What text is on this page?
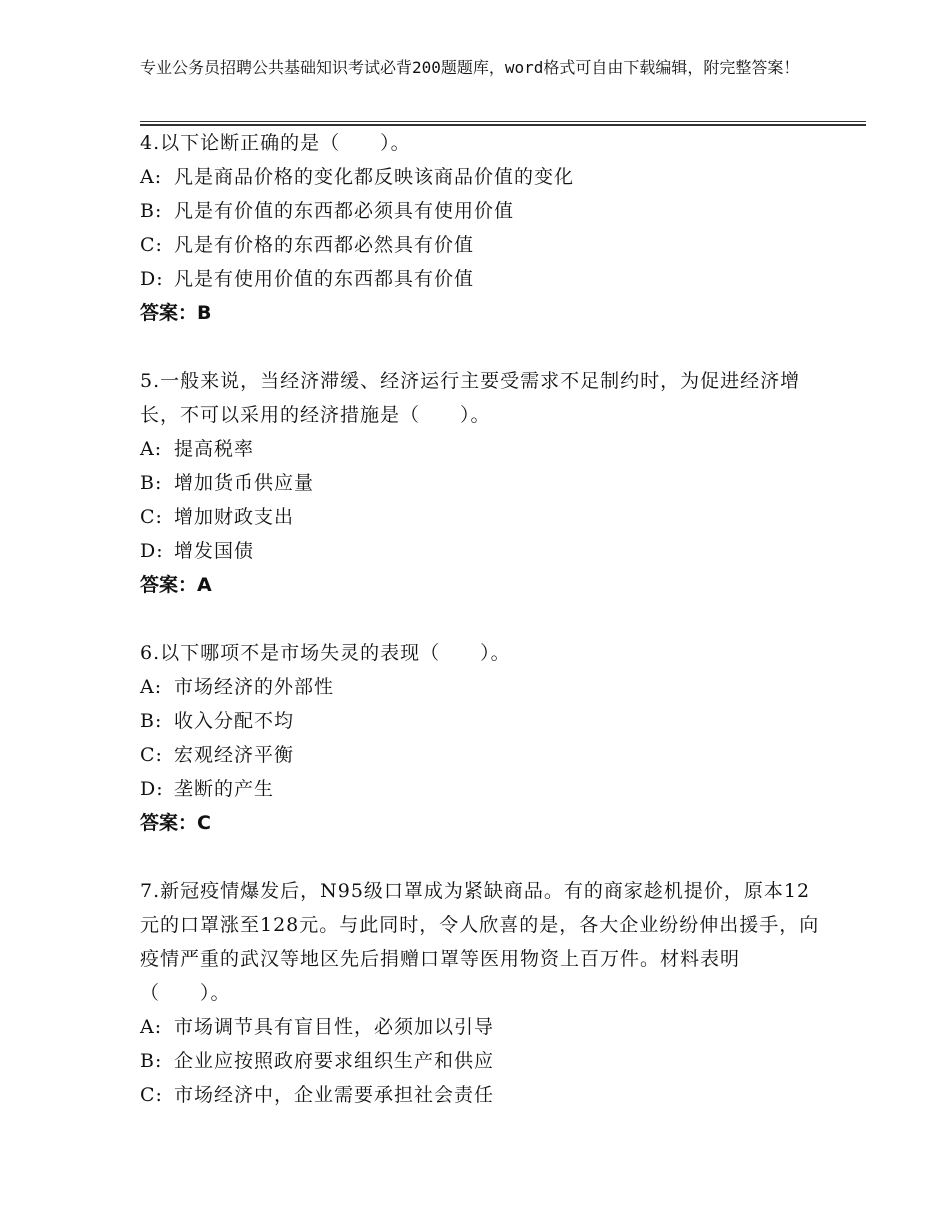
专业公务员招聘公共基础知识考试必背200题题库，word格式可自由下载编辑，附完整答案！

4.以下论断正确的是（　　）。

A: 凡是商品价格的变化都反映该商品价值的变化

B: 凡是有价值的东西都必须具有使用价值

C: 凡是有价格的东西都必然具有价值

D: 凡是有使用价值的东西都具有价值

答案：B

5.一般来说，当经济滞缓、经济运行主要受需求不足制约时，为促进经济增长，不可以采用的经济措施是（　　）。

A: 提高税率

B: 增加货币供应量

C: 增加财政支出

D: 增发国债

答案：A

6.以下哪项不是市场失灵的表现（　　）。

A: 市场经济的外部性

B: 收入分配不均

C: 宏观经济平衡

D: 垄断的产生

答案：C

7.新冠疫情爆发后，N95级口罩成为紧缺商品。有的商家趁机提价，原本12元的口罩涨至128元。与此同时，令人欣喜的是，各大企业纷纷伸出援手，向疫情严重的武汉等地区先后捐赠口罩等医用物资上百万件。材料表明（　　）。

A: 市场调节具有盲目性，必须加以引导

B: 企业应按照政府要求组织生产和供应

C: 市场经济中，企业需要承担社会责任
